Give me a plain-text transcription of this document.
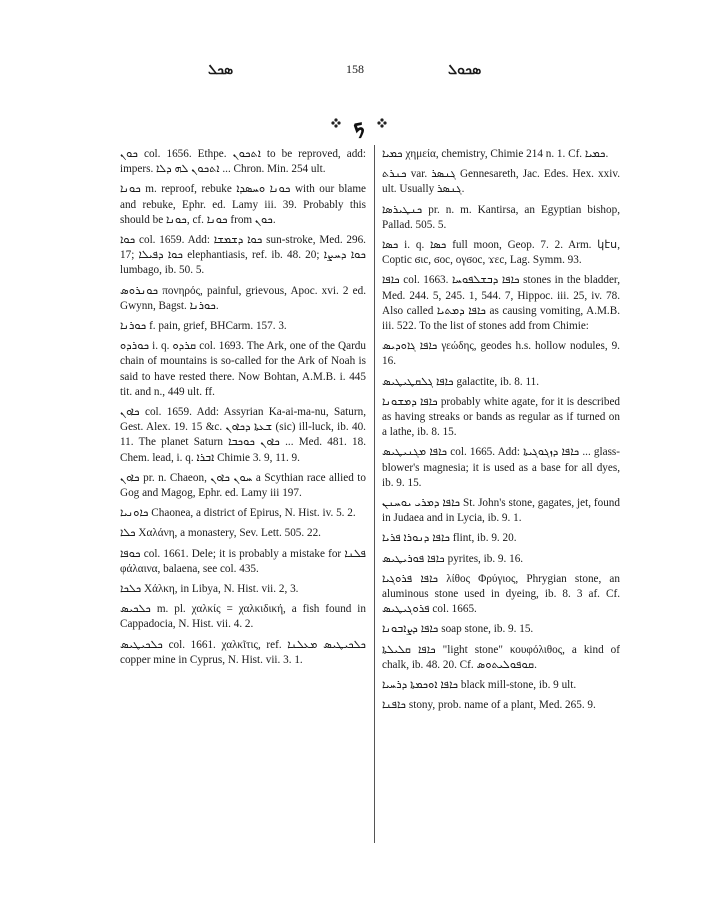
ܣܟܠ	158	ܣܟܘܠ
ܟ

ܟܘܢ col. 1656. Ethpe. ܐܬܟܘܢ to be reproved, add: impers. ܐܬܟܘܢ ܠܗ ܕܠܐ ... Chron. Min. 254 ult.

ܟܘܢܐ m. reproof, rebuke ܟܘܢܐ ܘܚܣܕܐ with our blame and rebuke, Ephr. ed. Lamy iii. 39. Probably this should be ܟܘܢܐ, cf. ܟܘܢܐ from ܟܘܢ.

ܟܘܐ col. 1659. Add: ܟܘܐ ܕܫܡܫܐ sun-stroke, Med. 296. 17; ܟܘܐ ܕܦܝܠܐ elephantiasis, ref. ib. 48. 20; ܟܘܐ ܕܚܨܐ lumbago, ib. 50. 5.

ܟܘܢܪܘܣ πονηρός, painful, grievous, Apoc. xvi. 2 ed. Gwynn, Bagst. ܟܘܪܢܐ.

ܟܘܪܢܐ f. pain, grief, BHCarm. 157. 3.

ܟܘܪܕܘ i. q. ܩܪܕܘ col. 1693. The Ark, one of the Qardu chain of mountains is so-called for the Ark of Noah is said to have rested there. Now Bohtan, A.M.B. i. 445 tit. and n., 449 ult. ff.

ܟܐܘܢ col. 1659. Add: Assyrian Ka-ai-ma-nu, Saturn, Gest. Alex. 19. 15 &c. ܫܥܬܐ ܕܟܐܘܢ (sic) ill-luck, ib. 40. 11. The planet Saturn ܟܐܘܢ ܟܘܟܒܐ ... Med. 481. 18. Chem. lead, i. q. ܐܒܪܐ Chimie 3. 9, 11. 9.

ܟܐܘܢ pr. n. Chaeon, ܚܘܢ ܟܐܘܢ a Scythian race allied to Gog and Magog, Ephr. ed. Lamy iii 197.

ܟܐܘܢܝܐ Chaonea, a district of Epirus, N. Hist. iv. 5. 2.

ܟܠܐ Χαλάνη, a monastery, Sev. Lett. 505. 22.

ܟܘܦܐ col. 1661. Dele; it is probably a mistake for ܦܠܢܐ φάλαινα, balaena, see col. 435.

ܟܠܟܐ Χάλκη, in Libya, N. Hist. vii. 2, 3.

ܟܠܟܝܣ m. pl. χαλκίς = χαλκιδική, a fish found in Cappadocia, N. Hist. vii. 4. 2.

ܟܠܟܝܛܝܣ col. 1661. χαλκῖτις, ref. ܟܠܟܝܛܝܣ ܡܥܠܢܐ copper mine in Cyprus, N. Hist. vii. 3. 1.

ܟܡܝܐ χημεία, chemistry, Chimie 214 n. 1. Cf. ܟܡܝܐ.

ܟܢܪܬ var. ܓܢܣܪ Gennesareth, Jac. Edes. Hex. xxiv. ult. Usually ܓܢܣܪ.

ܟܢܛܝܪܣܐ pr. n. m. Kantirsa, an Egyptian bishop, Pallad. 505. 5.

ܟܣܐ i. q. ܟܣܐ full moon, Geop. 7. 2. Arm. կէս, Coptic ϭιc, ϭοc, ογϭοc, ϫεc, Lag. Symm. 93.

ܟܐܦܐ col. 1663. ܟܐܦܐ ܕܒܫܠܦܘܚܐ stones in the bladder, Med. 244. 5, 245. 1, 544. 7, Hippoc. iii. 25, iv. 78. Also called ܟܐܦܐ ܕܡܬܝܐ as causing vomiting, A.M.B. iii. 522. To the list of stones add from Chimie:

ܟܐܦܐ ܓܐܘܕܝܣ γεώδης, geodes h.s. hollow nodules, 9. 16.

ܟܐܦܐ ܓܠܩܛܝܛܝܣ galactite, ib. 8. 11.

ܟܐܦܐ ܕܡܫܘܢܐ probably white agate, for it is described as having streaks or bands as regular as if turned on a lathe, ib. 8. 15.

ܟܐܦܐ ܡܓܢܝܛܝܣ col. 1665. Add: ܟܐܦܐ ܕܙܓܘܓܝܬܐ ... glass-blower's magnesia; it is used as a base for all dyes, ib. 9. 15.

ܟܐܦܐ ܕܡܪܝ ܝܘܚܢܢ St. John's stone, gagates, jet, found in Judaea and in Lycia, ib. 9. 1.

ܟܐܦܐ ܕܢܘܪܐ ܦܪܝܐ flint, ib. 9. 20.

ܟܐܦܐ ܦܘܪܝܛܝܣ pyrites, ib. 9. 16.

ܟܐܦܐ ܦܪܘܓܝܐ λίθος Φρύγιος, Phrygian stone, an aluminous stone used in dyeing, ib. 8. 3 af. Cf. ܦܪܘܓܝܛܝܣ col. 1665.

ܟܐܦܐ ܕܨܐܒܘܢܐ soap stone, ib. 9. 15.

ܟܐܦܐ ܩܠܝܠܬܐ "light stone" κουφόλιθος, a kind of chalk, ib. 48. 20. Cf. ܩܘܦܘܠܝܬܘܣ.

ܟܐܦܐ ܐܘܟܡܬܐ ܕܪܚܝܐ black mill-stone, ib. 9 ult.

ܟܐܦܢܐ stony, prob. name of a plant, Med. 265. 9.
